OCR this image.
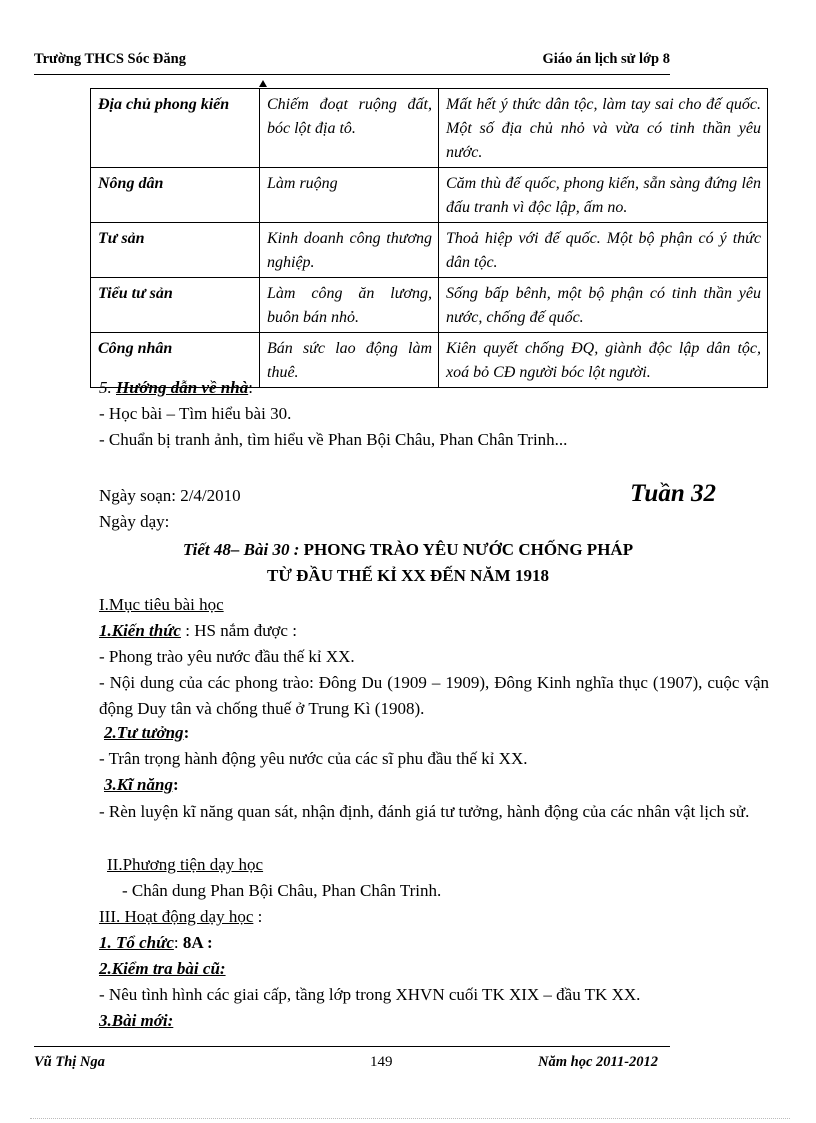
Trường THCS Sóc Đăng	Giáo án lịch sử lớp 8
Địa chủ phong kiến	Chiếm đoạt ruộng đất, bóc lột địa tô.	Mất hết ý thức dân tộc, làm tay sai cho đế quốc. Một số địa chủ nhỏ và vừa có tinh thần yêu nước.
Nông dân	Làm ruộng	Căm thù đế quốc, phong kiến, sẵn sàng đứng lên đấu tranh vì độc lập, ấm no.
Tư sản	Kinh doanh công thương nghiệp.	Thoả hiệp với đế quốc. Một bộ phận có ý thức dân tộc.
Tiểu tư sản	Làm công ăn lương, buôn bán nhỏ.	Sống bấp bênh, một bộ phận có tinh thần yêu nước, chống đế quốc.
Công nhân	Bán sức lao động làm thuê.	Kiên quyết chống ĐQ, giành độc lập dân tộc, xoá bỏ CĐ người bóc lột người.
5. Hướng dẫn về nhà:
- Học bài – Tìm hiểu bài 30.
- Chuẩn bị tranh ảnh, tìm hiểu về Phan Bội Châu, Phan Chân Trinh...
Ngày soạn: 2/4/2010	Tuần 32
Ngày dạy:
Tiết 48– Bài 30 : PHONG TRÀO YÊU NƯỚC CHỐNG PHÁP
TỪ ĐẦU THẾ KỈ XX ĐẾN NĂM 1918
I.Mục tiêu bài học
1.Kiến thức : HS nắm được :
- Phong trào yêu nước đầu thế kỉ XX.
- Nội dung của các phong trào: Đông Du (1909 – 1909), Đông Kinh nghĩa thục (1907), cuộc vận động Duy tân và chống thuế ở Trung Kì (1908).
2.Tư tưởng:
- Trân trọng hành động yêu nước của các sĩ phu đầu thế kỉ XX.
3.Kĩ năng:
- Rèn luyện kĩ năng quan sát, nhận định, đánh giá tư tưởng, hành động của các nhân vật lịch sử.
II.Phương tiện dạy học
- Chân dung Phan Bội Châu, Phan Chân Trinh.
III. Hoạt động dạy học :
1. Tổ chức: 8A :
2.Kiểm tra bài cũ:
- Nêu tình hình các giai cấp, tầng lớp trong XHVN cuối TK XIX – đầu TK XX.
3.Bài mới:
Vũ Thị Nga	149	Năm học 2011-2012
